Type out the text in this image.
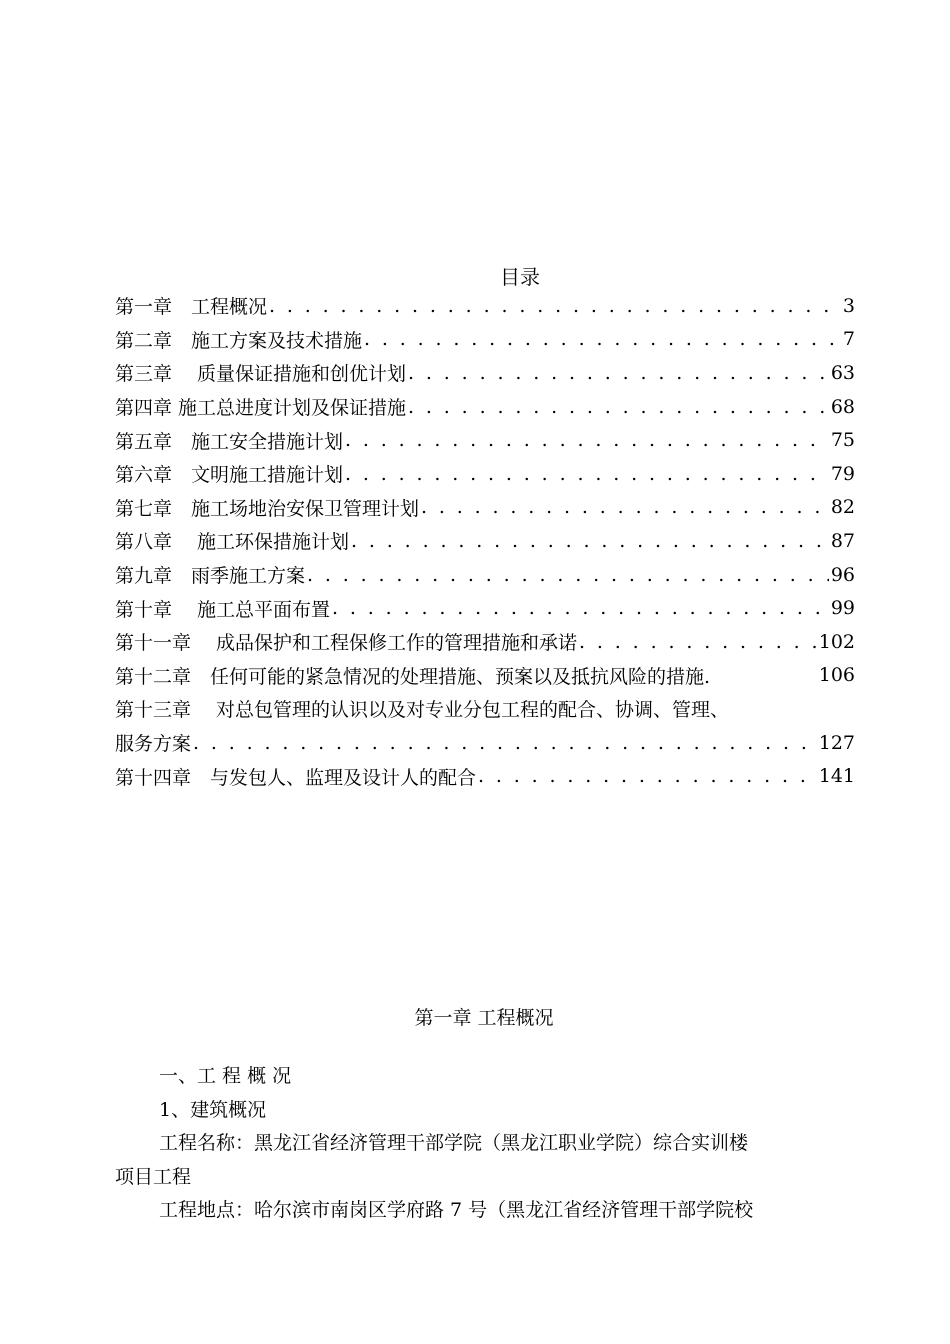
目录
第一章　工程概况 . . .	3
第二章　施工方案及技术措施 . . .	7
第三章　 质量保证措施和创优计划 . . .	63
第四章 施工总进度计划及保证措施 . . .	68
第五章　施工安全措施计划 . . .	75
第六章　文明施工措施计划 . . .	79
第七章　施工场地治安保卫管理计划 . . .	82
第八章　 施工环保措施计划 . . .	87
第九章　雨季施工方案 . . .	96
第十章　 施工总平面布置 . . .	99
第十一章　 成品保护和工程保修工作的管理措施和承诺 . . .	102
第十二章　任何可能的紧急情况的处理措施、预案以及抵抗风险的措施.	106
第十三章　 对总包管理的认识以及对专业分包工程的配合、协调、管理、
服务方案 . . .	127
第十四章　与发包人、监理及设计人的配合 . . .	141
第一章 工程概况
一、工 程 概 况
1、建筑概况
工程名称：黑龙江省经济管理干部学院（黑龙江职业学院）综合实训楼
项目工程
工程地点：哈尔滨市南岗区学府路 7 号（黑龙江省经济管理干部学院校
